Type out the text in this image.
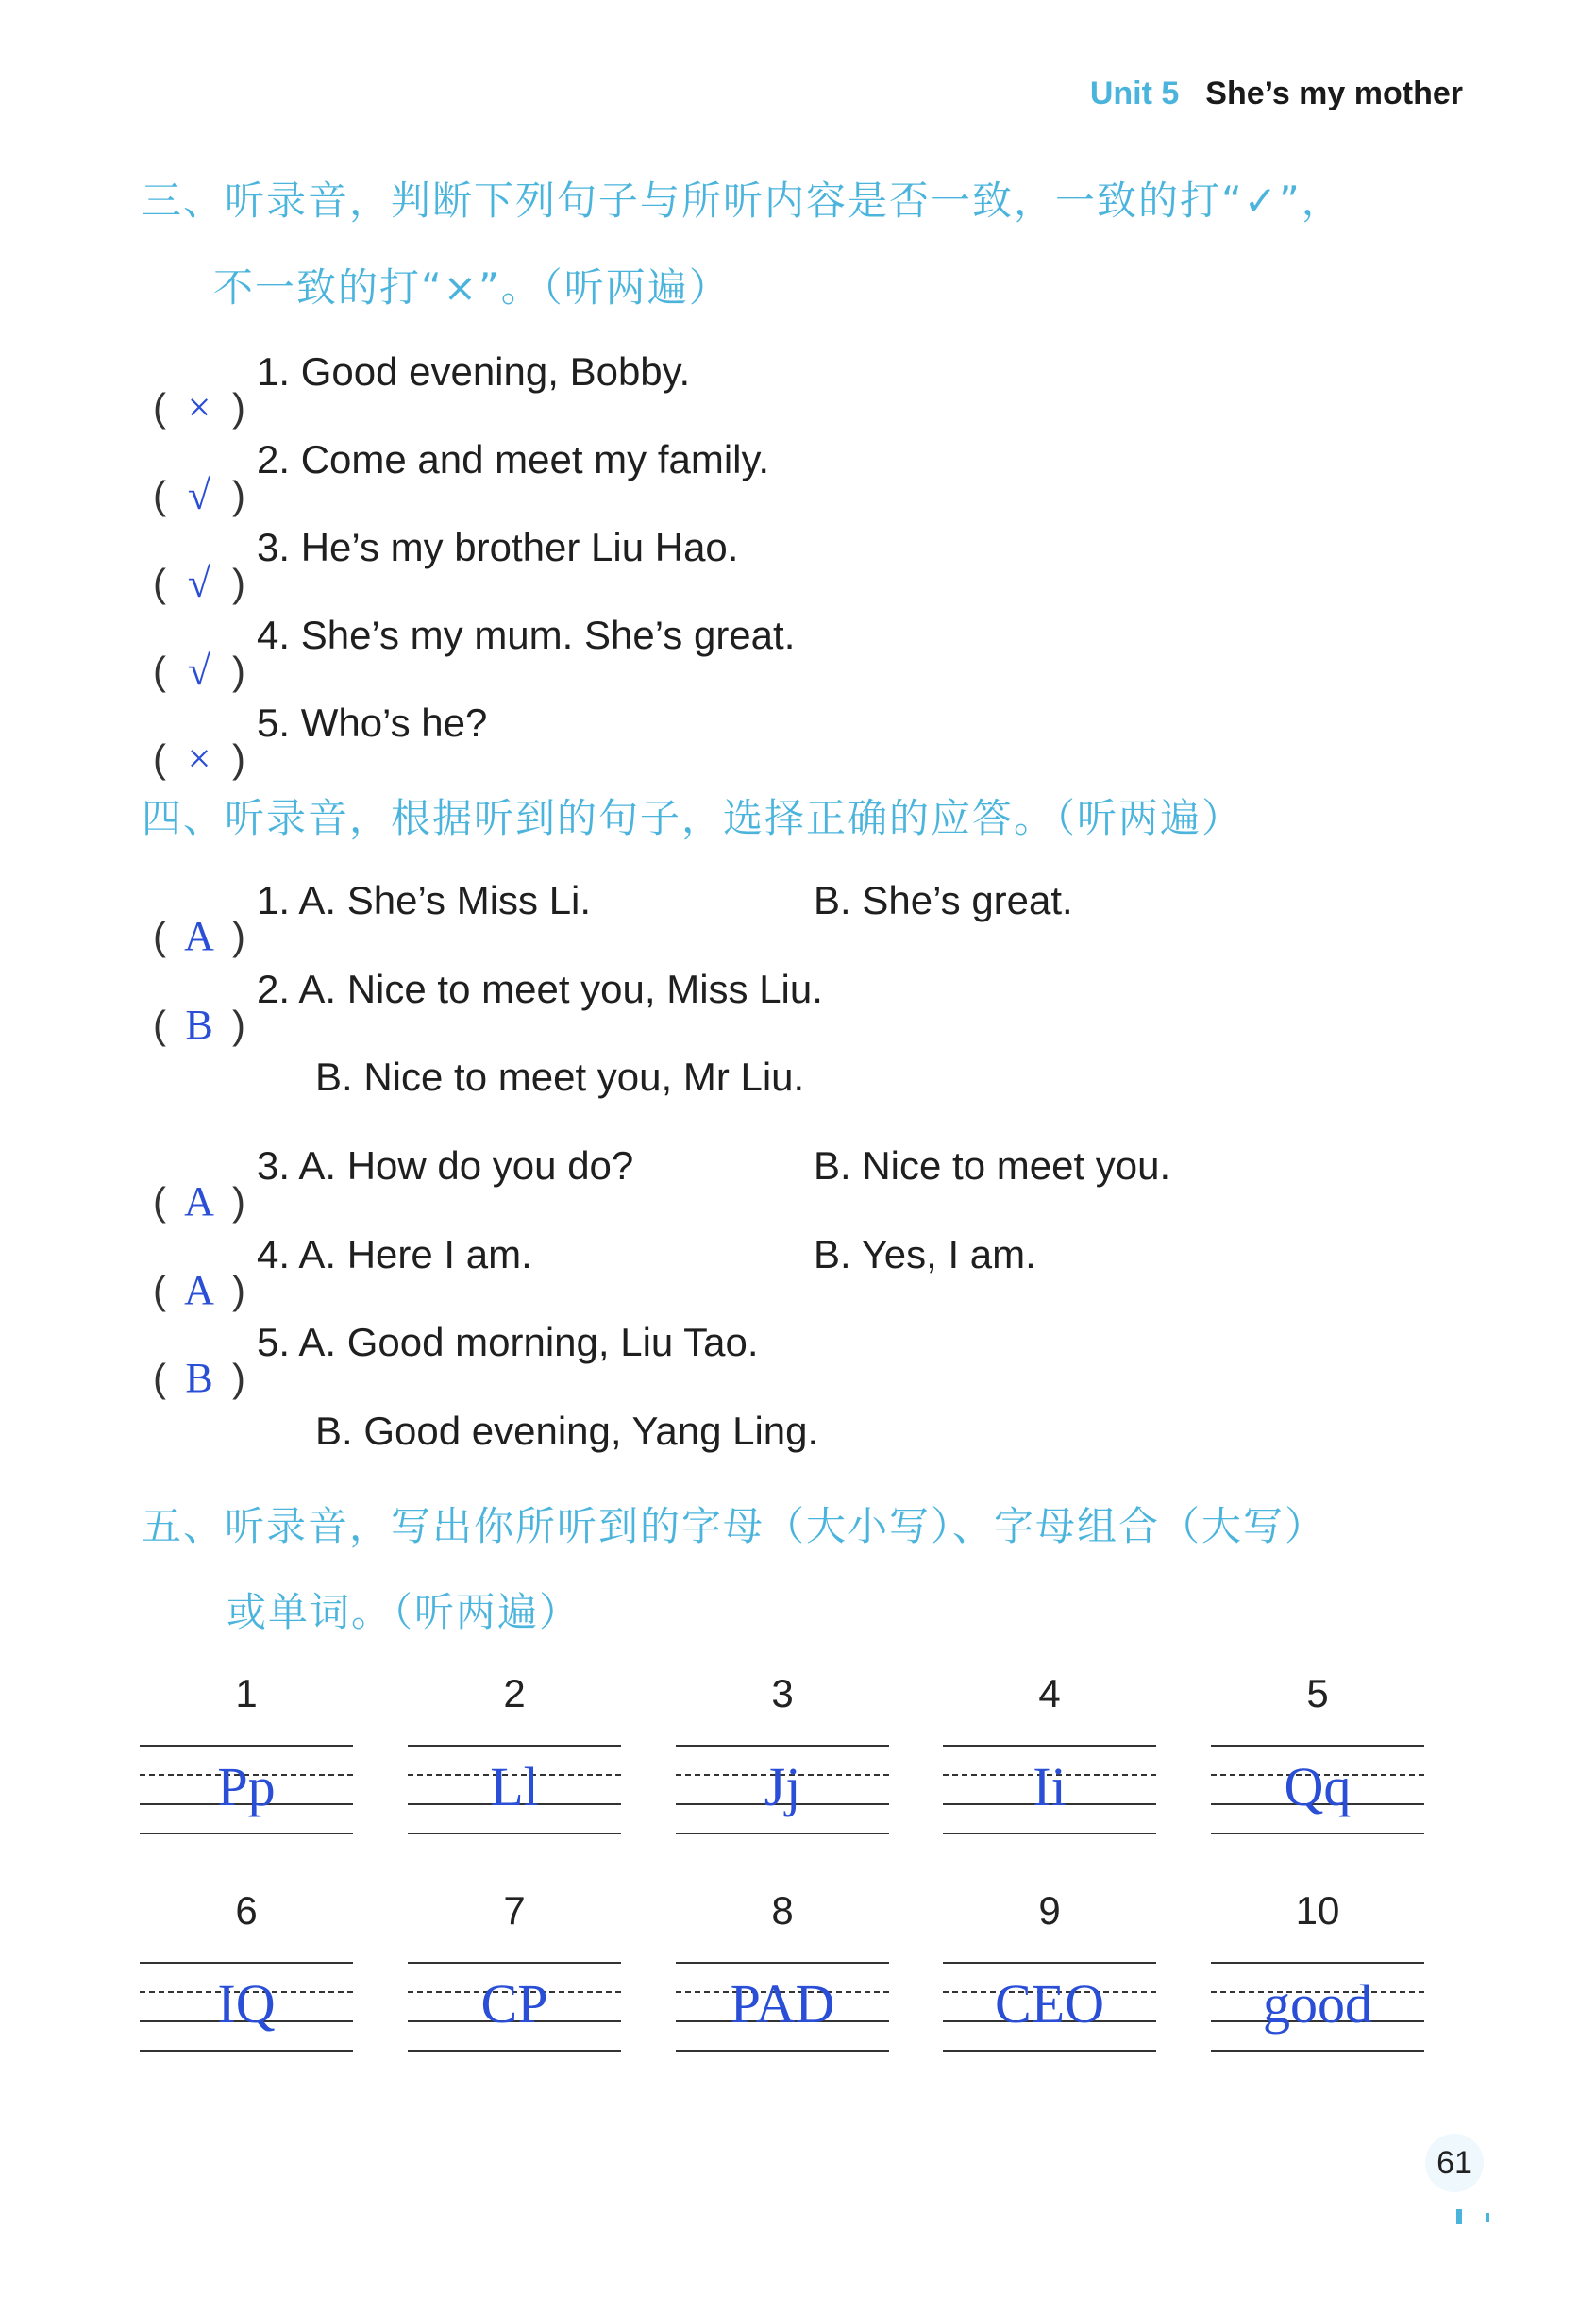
Unit 5 She’s my mother
三、听录音，判断下列句子与所听内容是否一致，一致的打“✓”，
不一致的打“×”。（听两遍）
( × )
1. Good evening, Bobby.
( √ )
2. Come and meet my family.
( √ )
3. He’s my brother Liu Hao.
( √ )
4. She’s my mum. She’s great.
( × )
5. Who’s he?
四、听录音，根据听到的句子，选择正确的应答。（听两遍）
( A )
1. A. She’s Miss Li.	B. She’s great.
( B )
2. A. Nice to meet you, Miss Liu.
B. Nice to meet you, Mr Liu.
( A )
3. A. How do you do?	B. Nice to meet you.
( A )
4. A. Here I am.	B. Yes, I am.
( B )
5. A. Good morning, Liu Tao.
B. Good evening, Yang Ling.
五、听录音，写出你所听到的字母（大小写）、字母组合（大写）
或单词。（听两遍）
1	2	3	4	5
Pp	Ll	Jj	Ii	Qq
6	7	8	9	10
IQ	CP	PAD	CEO	good
61
